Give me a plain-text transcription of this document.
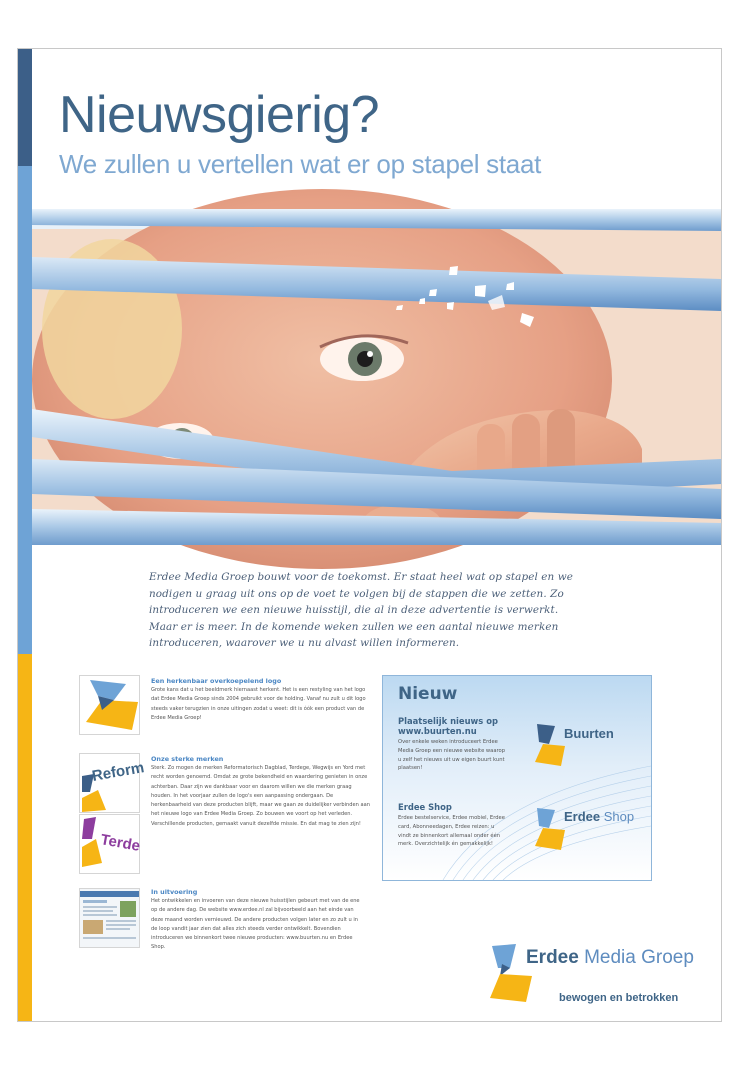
Nieuwsgierig?
We zullen u vertellen wat er op stapel staat

Erdee Media Groep bouwt voor de toekomst. Er staat heel wat op stapel en we nodigen u graag uit ons op de voet te volgen bij de stappen die we zetten. Zo introduceren we een nieuwe huisstijl, die al in deze advertentie is verwerkt. Maar er is meer. In de komende weken zullen we een aantal nieuwe merken introduceren, waarover we u nu alvast willen informeren.

Een herkenbaar overkoepelend logo

Grote kans dat u het beeldmerk hiernaast herkent. Het is een restyling van het logo dat Erdee Media Groep sinds 2004 gebruikt voor de holding. Vanaf nu zult u dit logo steeds vaker terugzien in onze uitingen zodat u weet: dit is óók een product van de Erdee Media Groep!

Reform
Terde

Onze sterke merken

Sterk. Zo mogen de merken Reformatorisch Dagblad, Terdege, Wegwijs en Yord met recht worden genoemd. Omdat ze grote bekendheid en waardering genieten in onze achterban. Daar zijn we dankbaar voor en daarom willen we die merken graag houden. In het voorjaar zullen de logo's een aanpassing ondergaan. De herkenbaarheid van deze producten blijft, maar we gaan ze duidelijker verbinden aan het nieuwe logo van Erdee Media Groep. Zo bouwen we voort op het verleden. Verschillende producten, gemaakt vanuit dezelfde missie. En dat mag te zien zijn!

In uitvoering

Het ontwikkelen en invoeren van deze nieuwe huisstijlen gebeurt met van de ene op de andere dag. De website www.erdee.nl zal bijvoorbeeld aan het einde van deze maand worden vernieuwd. De andere producten volgen later en zo zult u in de loop vandit jaar zien dat alles zich steeds verder ontwikkelt. Bovendien introduceren we binnenkort twee nieuwe producten: www.buurten.nu en Erdee Shop.

Nieuw
Plaatselijk nieuws op www.buurten.nu

Over enkele weken introduceert Erdee Media Groep een nieuwe website waarop u zelf het nieuws uit uw eigen buurt kunt plaatsen!

Erdee Shop

Erdee bestelservice, Erdee mobiel, Erdee card, Abonneedagen, Erdee reizen: u vindt ze binnenkort allemaal onder één merk. Overzichtelijk én gemakkelijk!

Buurten
Erdee Shop
Erdee Media Groep
bewogen en betrokken
